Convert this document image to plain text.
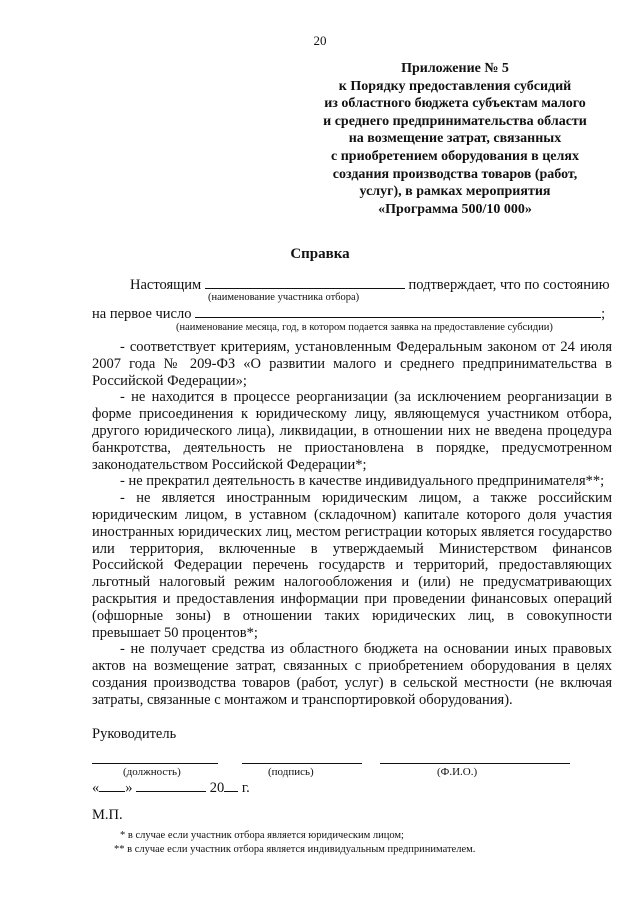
20
Приложение № 5
к Порядку предоставления субсидий
из областного бюджета субъектам малого
и среднего предпринимательства области
на возмещение затрат, связанных
с приобретением оборудования в целях
создания производства товаров (работ,
услуг), в рамках мероприятия
«Программа 500/10 000»
Справка
Настоящим	подтверждает, что по состоянию
(наименование участника отбора)
на первое число	;
(наименование месяца, год, в котором подается заявка на предоставление субсидии)

- соответствует критериям, установленным Федеральным законом от 24 июля 2007 года № 209-ФЗ «О развитии малого и среднего предпринимательства в Российской Федерации»;

- не находится в процессе реорганизации (за исключением реорганизации в форме присоединения к юридическому лицу, являющемуся участником отбора, другого юридического лица), ликвидации, в отношении них не введена процедура банкротства, деятельность не приостановлена в порядке, предусмотренном законодательством Российской Федерации*;

- не прекратил деятельность в качестве индивидуального предпринимателя**;

- не является иностранным юридическим лицом, а также российским юридическим лицом, в уставном (складочном) капитале которого доля участия иностранных юридических лиц, местом регистрации которых является государство или территория, включенные в утверждаемый Министерством финансов Российской Федерации перечень государств и территорий, предоставляющих льготный налоговый режим налогообложения и (или) не предусматривающих раскрытия и предоставления информации при проведении финансовых операций (офшорные зоны) в отношении таких юридических лиц, в совокупности превышает 50 процентов*;

- не получает средства из областного бюджета на основании иных правовых актов на возмещение затрат, связанных с приобретением оборудования в целях создания производства товаров (работ, услуг) в сельской местности (не включая затраты, связанные с монтажом и транспортировкой оборудования).

Руководитель
(должность)	(подпись)	(Ф.И.О.)
« »	20 г.
М.П.
* в случае если участник отбора является юридическим лицом;
** в случае если участник отбора является индивидуальным предпринимателем.
